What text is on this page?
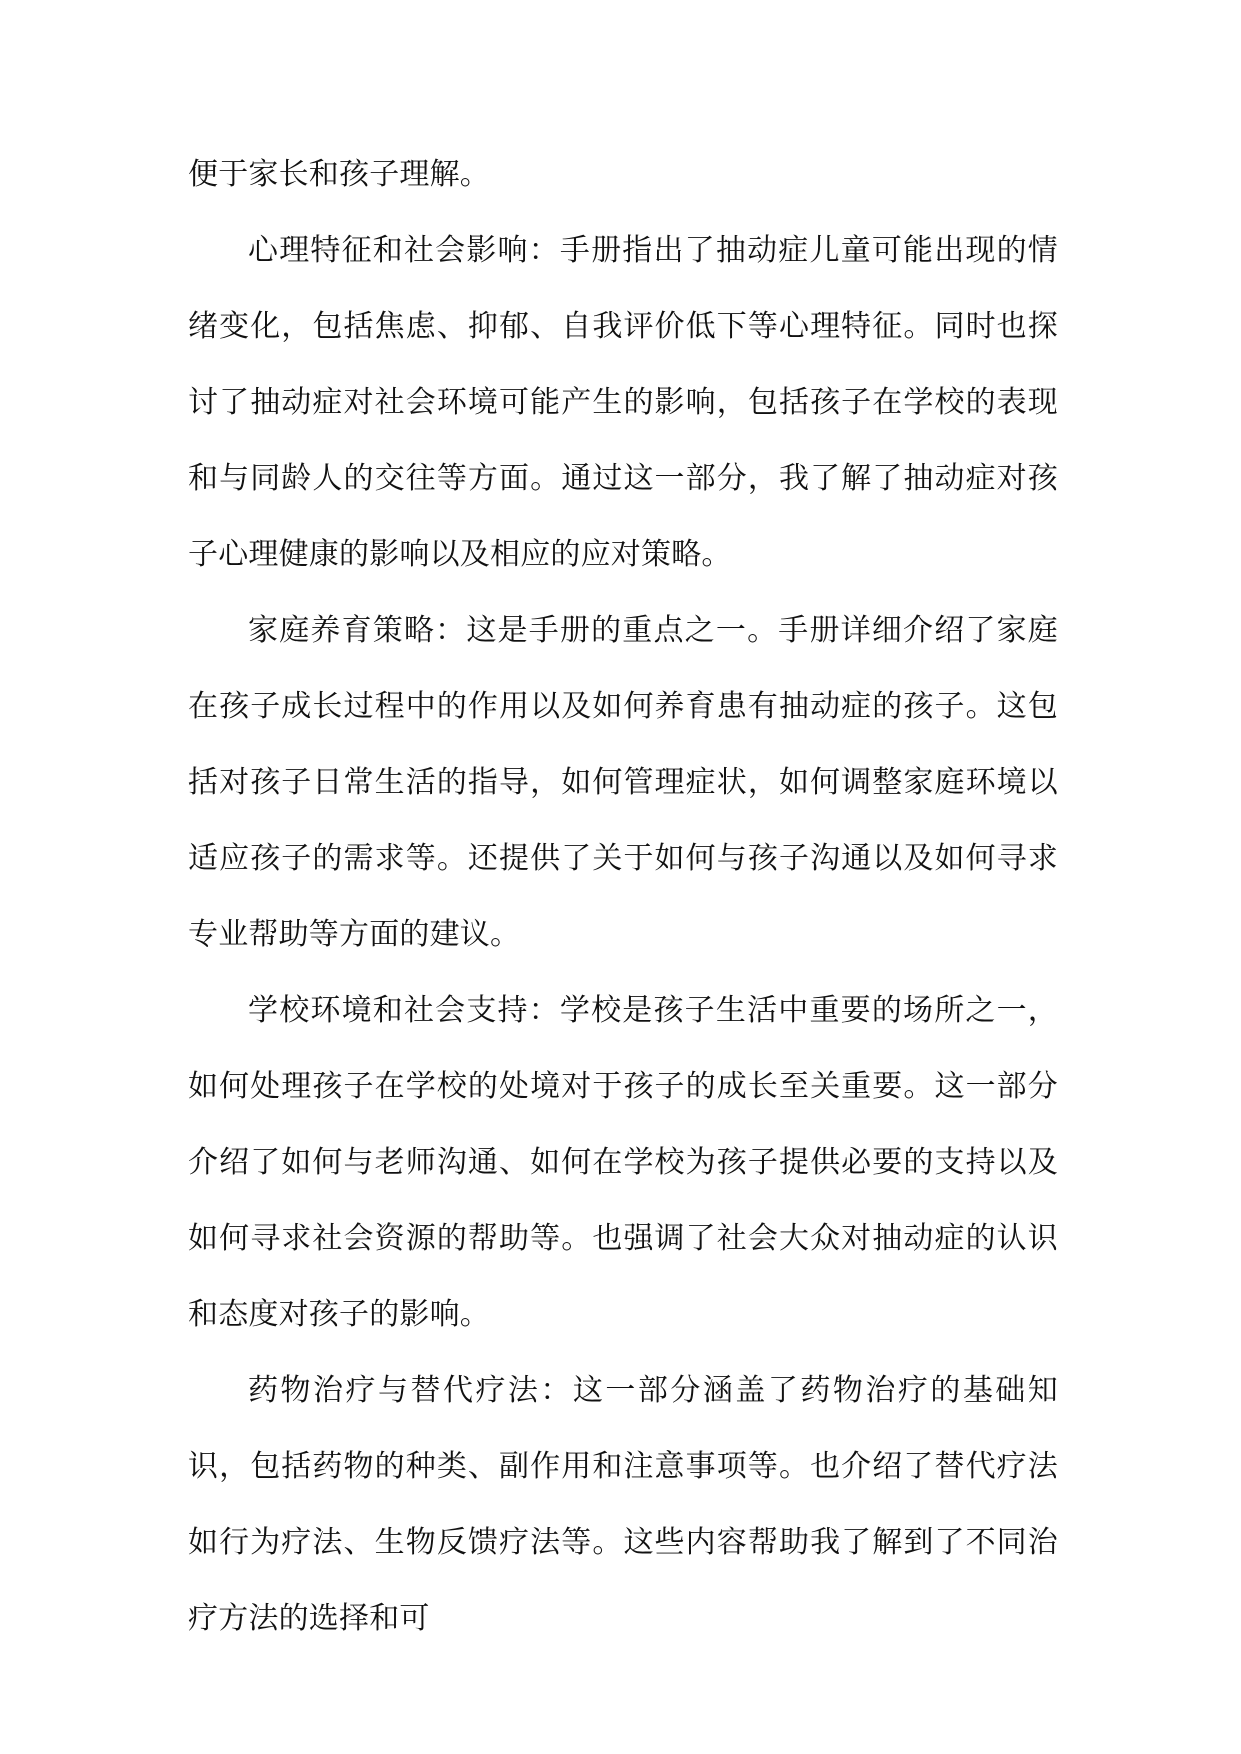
便于家长和孩子理解。

心理特征和社会影响：手册指出了抽动症儿童可能出现的情绪变化，包括焦虑、抑郁、自我评价低下等心理特征。同时也探讨了抽动症对社会环境可能产生的影响，包括孩子在学校的表现和与同龄人的交往等方面。通过这一部分，我了解了抽动症对孩子心理健康的影响以及相应的应对策略。

家庭养育策略：这是手册的重点之一。手册详细介绍了家庭在孩子成长过程中的作用以及如何养育患有抽动症的孩子。这包括对孩子日常生活的指导，如何管理症状，如何调整家庭环境以适应孩子的需求等。还提供了关于如何与孩子沟通以及如何寻求专业帮助等方面的建议。

学校环境和社会支持：学校是孩子生活中重要的场所之一，如何处理孩子在学校的处境对于孩子的成长至关重要。这一部分介绍了如何与老师沟通、如何在学校为孩子提供必要的支持以及如何寻求社会资源的帮助等。也强调了社会大众对抽动症的认识和态度对孩子的影响。

药物治疗与替代疗法：这一部分涵盖了药物治疗的基础知识，包括药物的种类、副作用和注意事项等。也介绍了替代疗法如行为疗法、生物反馈疗法等。这些内容帮助我了解到了不同治疗方法的选择和可
